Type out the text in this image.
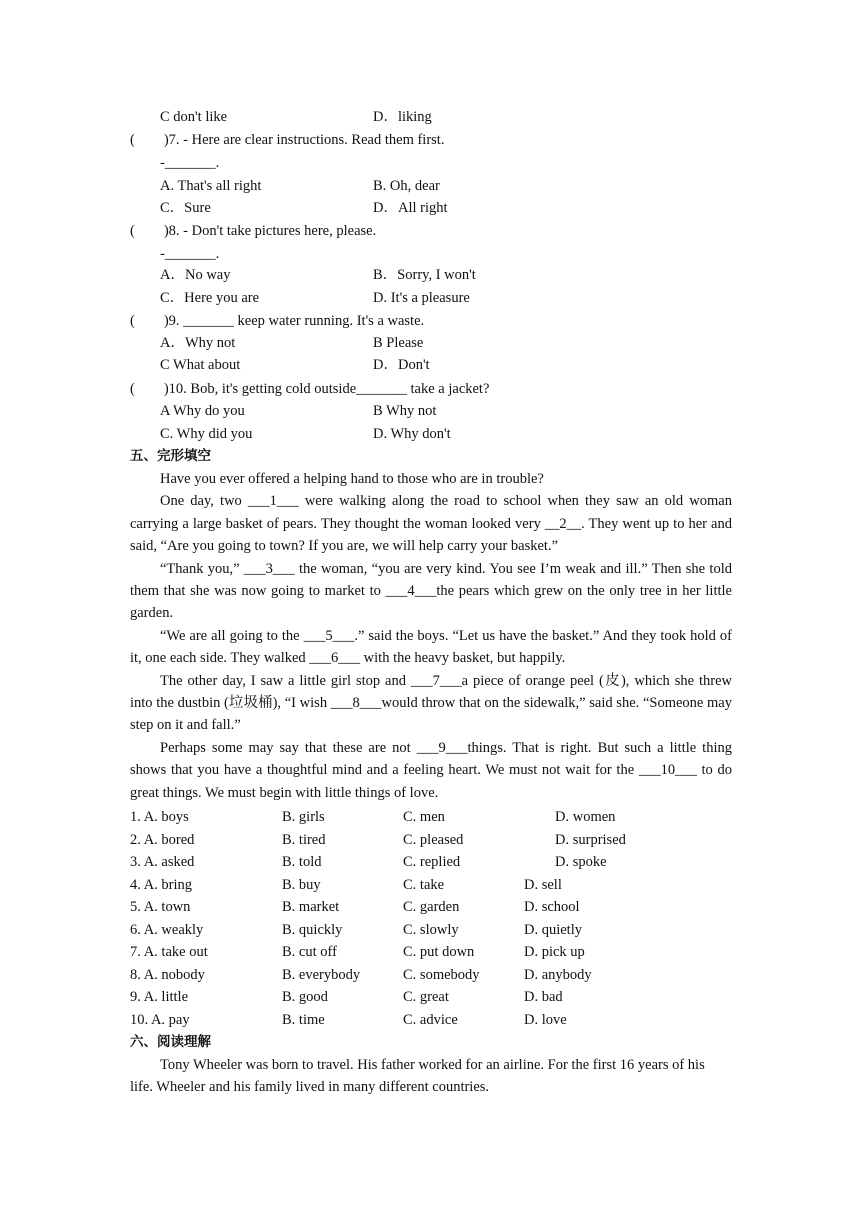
C don't like	D．liking
(　　)7. - Here are clear instructions. Read them first.
-_______.
A. That's all right	B. Oh, dear
C．Sure	D．All right
(　　)8. - Don't take pictures here, please.
-_______.
A．No way	B．Sorry, I won't
C．Here you are	D. It's a pleasure
(　　)9. _______ keep water running. It's a waste.
A．Why not	B Please
C What about	D．Don't
(　　)10. Bob, it's getting cold outside_______ take a jacket?
A Why do you	B Why not
C. Why did you	D. Why don't
五、完形填空

Have you ever offered a helping hand to those who are in trouble?

One day, two ___1___ were walking along the road to school when they saw an old woman carrying a large basket of pears. They thought the woman looked very __2__. They went up to her and said, “Are you going to town? If you are, we will help carry your basket.”

“Thank you,” ___3___ the woman, “you are very kind. You see I’m weak and ill.” Then she told them that she was now going to market to ___4___the pears which grew on the only tree in her little garden.

“We are all going to the ___5___.” said the boys. “Let us have the basket.” And they took hold of it, one each side. They walked ___6___ with the heavy basket, but happily.

The other day, I saw a little girl stop and ___7___a piece of orange peel (皮), which she threw into the dustbin (垃圾桶), “I wish ___8___would throw that on the sidewalk,” said she. “Someone may step on it and fall.”

Perhaps some may say that these are not ___9___things. That is right. But such a little thing shows that you have a thoughtful mind and a feeling heart. We must not wait for the ___10___ to do great things. We must begin with little things of love.

1. A. boys	B. girls	C. men	D. women
2. A. bored	B. tired	C. pleased	D. surprised
3. A. asked	B. told	C. replied	D. spoke
4. A. bring	B. buy	C. take	D. sell
5. A. town	B. market	C. garden	D. school
6. A. weakly	B. quickly	C. slowly	D. quietly
7. A. take out	B. cut off	C. put down	D. pick up
8. A. nobody	B. everybody	C. somebody	D. anybody
9. A. little	B. good	C. great	D. bad
10. A. pay	B. time	C. advice	D. love
六、阅读理解

Tony Wheeler was born to travel. His father worked for an airline. For the first 16 years of his life. Wheeler and his family lived in many different countries.
